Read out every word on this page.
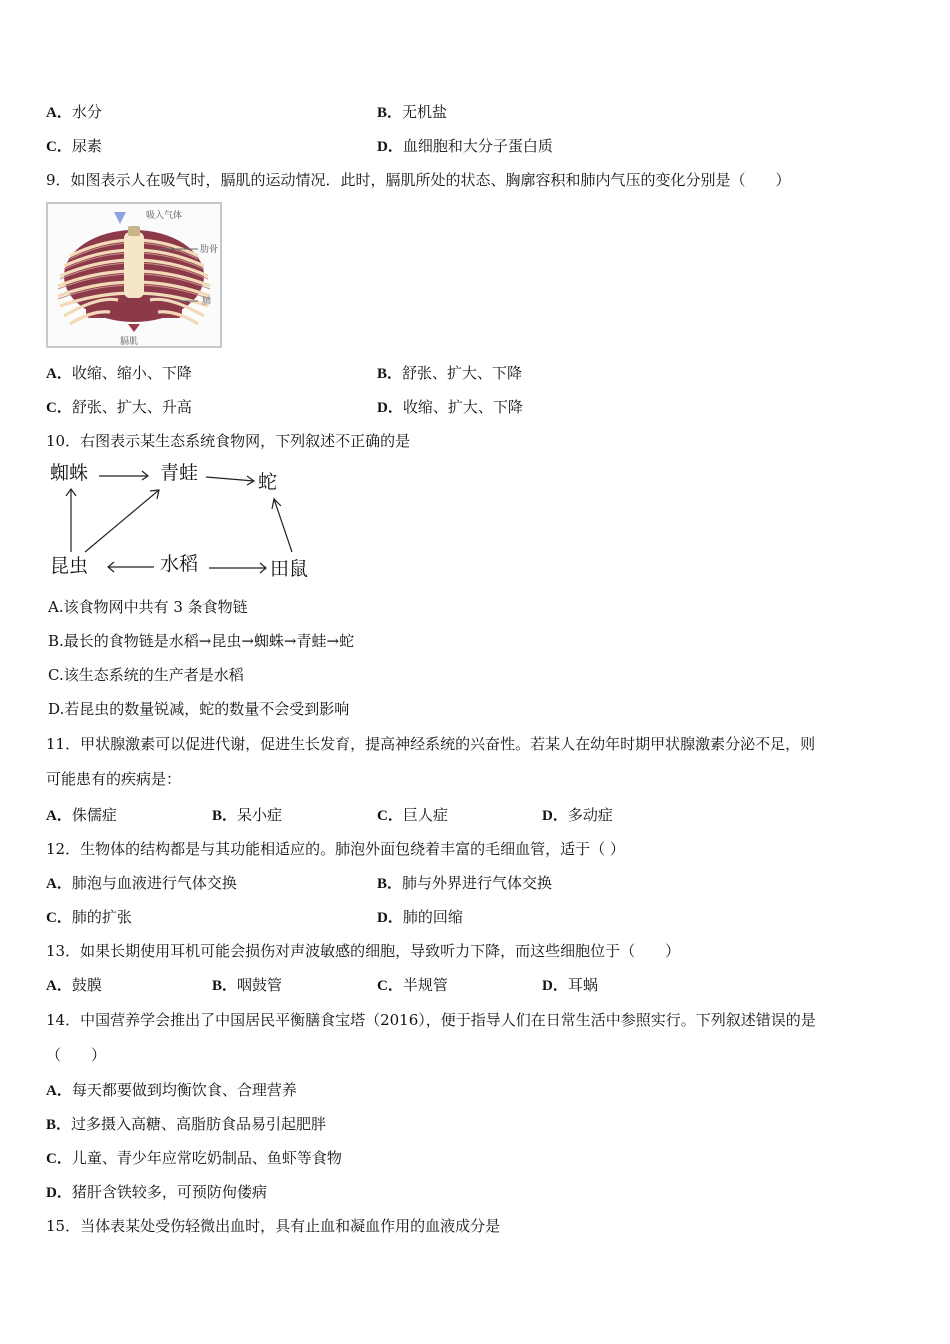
A．水分	B．无机盐
C．尿素	D．血细胞和大分子蛋白质
9．如图表示人在吸气时，膈肌的运动情况．此时，膈肌所处的状态、胸廓容积和肺内气压的变化分别是（　　）
吸入气体
肋骨
肺
膈肌
A．收缩、缩小、下降	B．舒张、扩大、下降
C．舒张、扩大、升高	D．收缩、扩大、下降
10．右图表示某生态系统食物网，下列叙述不正确的是
蜘蛛	青蛙	蛇
昆虫	水稻	田鼠
A.该食物网中共有 3 条食物链
B.最长的食物链是水稻→昆虫→蜘蛛→青蛙→蛇
C.该生态系统的生产者是水稻
D.若昆虫的数量锐减，蛇的数量不会受到影响
11．甲状腺激素可以促进代谢，促进生长发育，提高神经系统的兴奋性。若某人在幼年时期甲状腺激素分泌不足，则
可能患有的疾病是：
A．侏儒症	B．呆小症	C．巨人症	D．多动症
12．生物体的结构都是与其功能相适应的。肺泡外面包绕着丰富的毛细血管，适于（ ）
A．肺泡与血液进行气体交换	B．肺与外界进行气体交换
C．肺的扩张	D．肺的回缩
13．如果长期使用耳机可能会损伤对声波敏感的细胞，导致听力下降，而这些细胞位于（　　）
A．鼓膜	B．咽鼓管	C．半规管	D．耳蜗
14．中国营养学会推出了中国居民平衡膳食宝塔（2016），便于指导人们在日常生活中参照实行。下列叙述错误的是
（　　）
A．每天都要做到均衡饮食、合理营养
B．过多摄入高糖、高脂肪食品易引起肥胖
C．儿童、青少年应常吃奶制品、鱼虾等食物
D．猪肝含铁较多，可预防佝偻病
15．当体表某处受伤轻微出血时，具有止血和凝血作用的血液成分是
